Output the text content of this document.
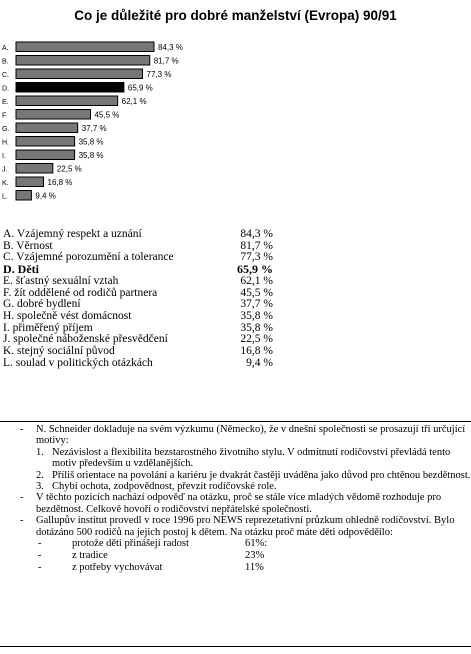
Co je důležité pro dobré manželství (Evropa) 90/91
A.	84,3 %
B.	81,7 %
C.	77,3 %
D.	65,9 %
E.	62,1 %
F.	45,5 %
G.	37,7 %
H.	35,8 %
I.	35,8 %
J.	22,5 %
K.	16,8 %
L.	9,4 %
A. Vzájemný respekt a uznání	84,3 %
B. Věrnost	81,7 %
C. Vzájemné porozumění a tolerance	77,3 %
D. Děti	65,9 %
E. šťastný sexuální vztah	62,1 %
F. žít oddělené od rodičů partnera	45,5 %
G. dobré bydlení	37,7 %
H. společně vést domácnost	35,8 %
I. přiměřený příjem	35,8 %
J. společné náboženské přesvědčení	22,5 %
K. stejný sociální původ	16,8 %
L. soulad v politických otázkách	9,4 %
- N. Schneider dokladuje na svém výzkumu (Německo), že v dnešní společnosti se prosazují tři určující motivy:

1. Nezávislost a flexibilita bezstarostného životního stylu. V odmítnutí rodičovství převládá tento motiv především u vzdělanějších.
2. Příliš orientace na povolání a kariéru je dvakrát častěji uváděna jako důvod pro chtěnou bezdětnost.
3. Chybí ochota, zodpovědnost, převzít rodičovské role.
- V těchto pozicích nachází odpověď na otázku, proč se stále více mladých vědomě rozhoduje pro bezdětnost. Celkově hovoří o rodičovství nepřátelské společnosti.

- Gallupův institut provedl v roce 1996 pro NEWS reprezetativní průzkum ohledně rodičovství. Bylo dotázáno 500 rodičů na jejich postoj k dětem. Na otázku proč máte děti odpověděilo:

-	protože děti přinášejí radost	61%:
-	z tradice	23%
-	z potřeby vychovávat	11%
